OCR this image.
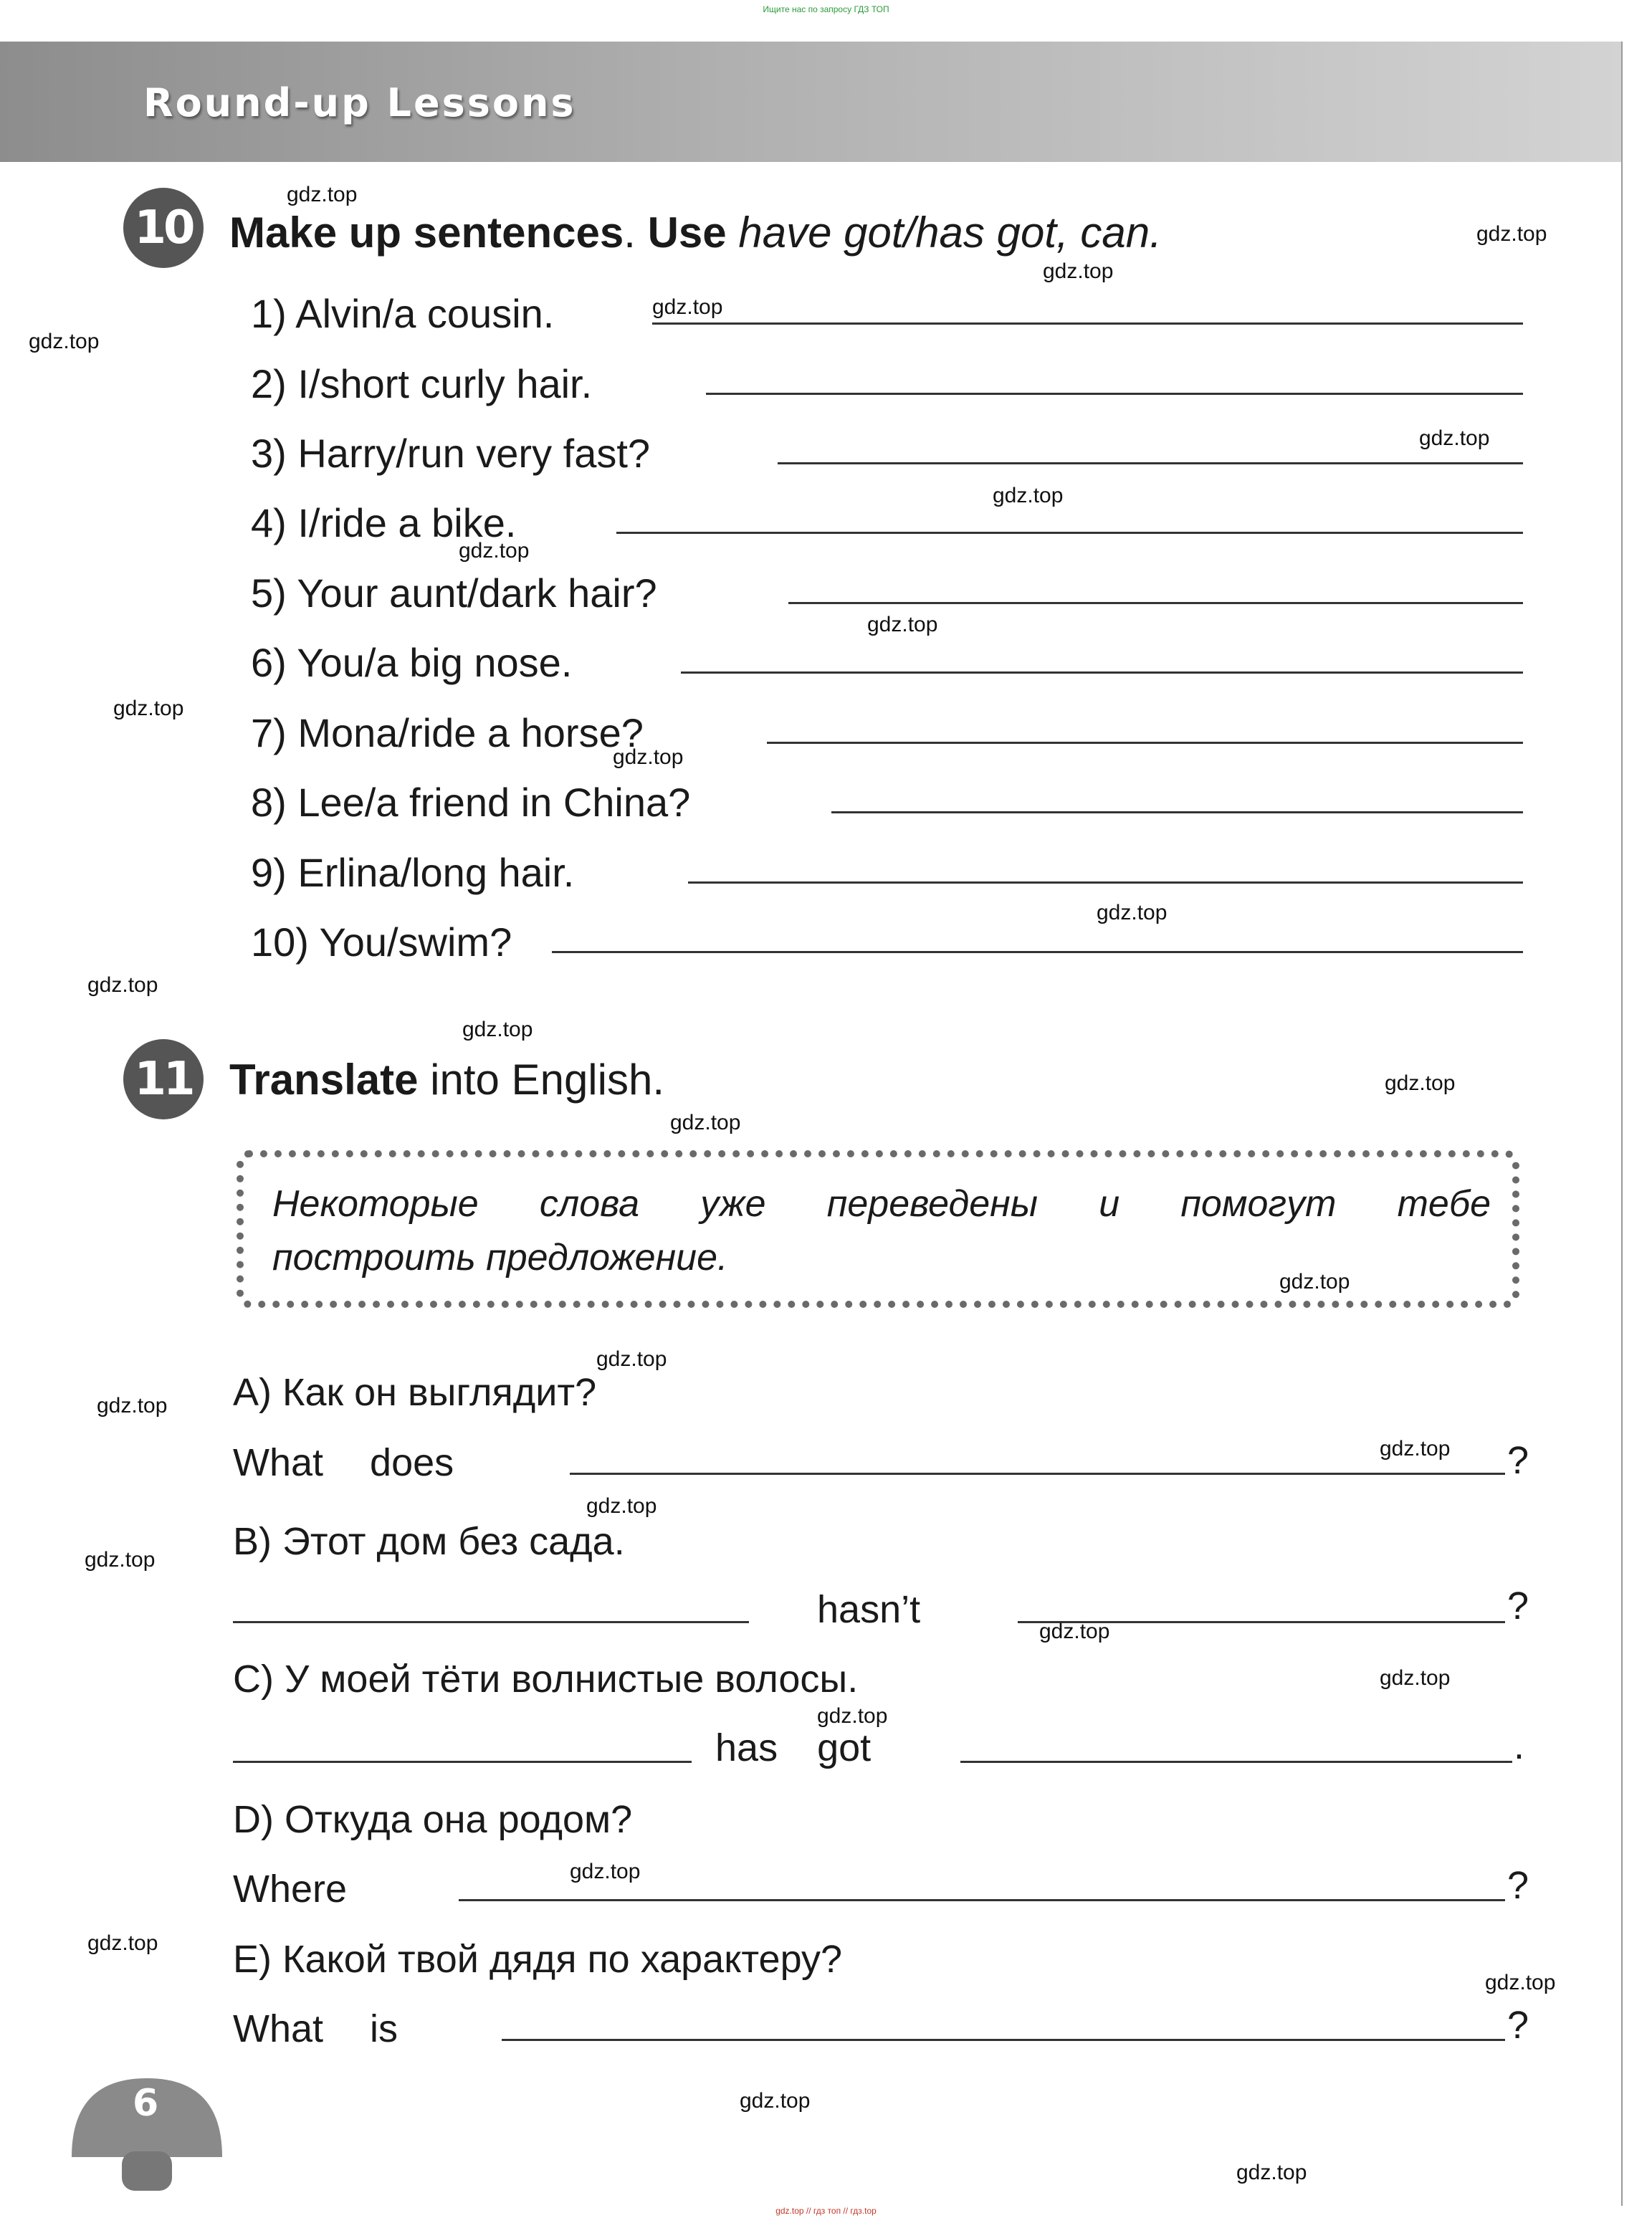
Ищите нас по запросу ГДЗ ТОП
Round-up Lessons
10 Make up sentences. Use have got/has got, can.
1) Alvin/a cousin.
2) I/short curly hair.
3) Harry/run very fast?
4) I/ride a bike.
5) Your aunt/dark hair?
6) You/a big nose.
7) Mona/ride a horse?
8) Lee/a friend in China?
9) Erlina/long hair.
10) You/swim?
11 Translate into English.
Некоторые слова уже переведены и помогут тебе
построить предложение.
A) Как он выглядит?
What does	?
B) Этот дом без сада.
hasn’t	?
C) У моей тёти волнистые волосы.
has got	.
D) Откуда она родом?
Where	?
E) Какой твой дядя по характеру?
What is	?
6
gdz.top
gdz.top
gdz.top
gdz.top
gdz.top
gdz.top
gdz.top
gdz.top
gdz.top
gdz.top
gdz.top
gdz.top
gdz.top
gdz.top
gdz.top
gdz.top
gdz.top
gdz.top
gdz.top
gdz.top
gdz.top
gdz.top
gdz.top
gdz.top
gdz.top
gdz.top
gdz.top
gdz.top
gdz.top
gdz.top
gdz.top // гдз топ // гдз.top
